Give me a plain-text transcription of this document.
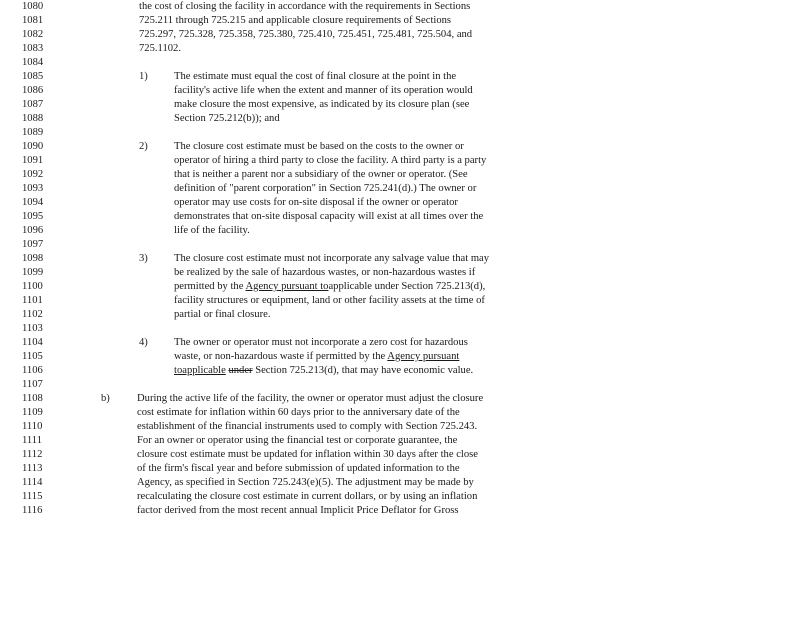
1080	the cost of closing the facility in accordance with the requirements in Sections
1081	725.211 through 725.215 and applicable closure requirements of Sections
1082	725.297, 725.328, 725.358, 725.380, 725.410, 725.451, 725.481, 725.504, and
1083	725.1102.
1084
1085	1) The estimate must equal the cost of final closure at the point in the
1086	facility's active life when the extent and manner of its operation would
1087	make closure the most expensive, as indicated by its closure plan (see
1088	Section 725.212(b)); and
1089
1090	2) The closure cost estimate must be based on the costs to the owner or
1091	operator of hiring a third party to close the facility. A third party is a party
1092	that is neither a parent nor a subsidiary of the owner or operator. (See
1093	definition of "parent corporation" in Section 725.241(d).) The owner or
1094	operator may use costs for on-site disposal if the owner or operator
1095	demonstrates that on-site disposal capacity will exist at all times over the
1096	life of the facility.
1097
1098	3) The closure cost estimate must not incorporate any salvage value that may
1099	be realized by the sale of hazardous wastes, or non-hazardous wastes if
1100	permitted by the Agency pursuant toapplicable under Section 725.213(d),
1101	facility structures or equipment, land or other facility assets at the time of
1102	partial or final closure.
1103
1104	4) The owner or operator must not incorporate a zero cost for hazardous
1105	waste, or non-hazardous waste if permitted by the Agency pursuant
1106	toapplicable under Section 725.213(d), that may have economic value.
1107
1108	b)	During the active life of the facility, the owner or operator must adjust the closure
1109	cost estimate for inflation within 60 days prior to the anniversary date of the
1110	establishment of the financial instruments used to comply with Section 725.243.
1111	For an owner or operator using the financial test or corporate guarantee, the
1112	closure cost estimate must be updated for inflation within 30 days after the close
1113	of the firm's fiscal year and before submission of updated information to the
1114	Agency, as specified in Section 725.243(e)(5). The adjustment may be made by
1115	recalculating the closure cost estimate in current dollars, or by using an inflation
1116	factor derived from the most recent annual Implicit Price Deflator for Gross
